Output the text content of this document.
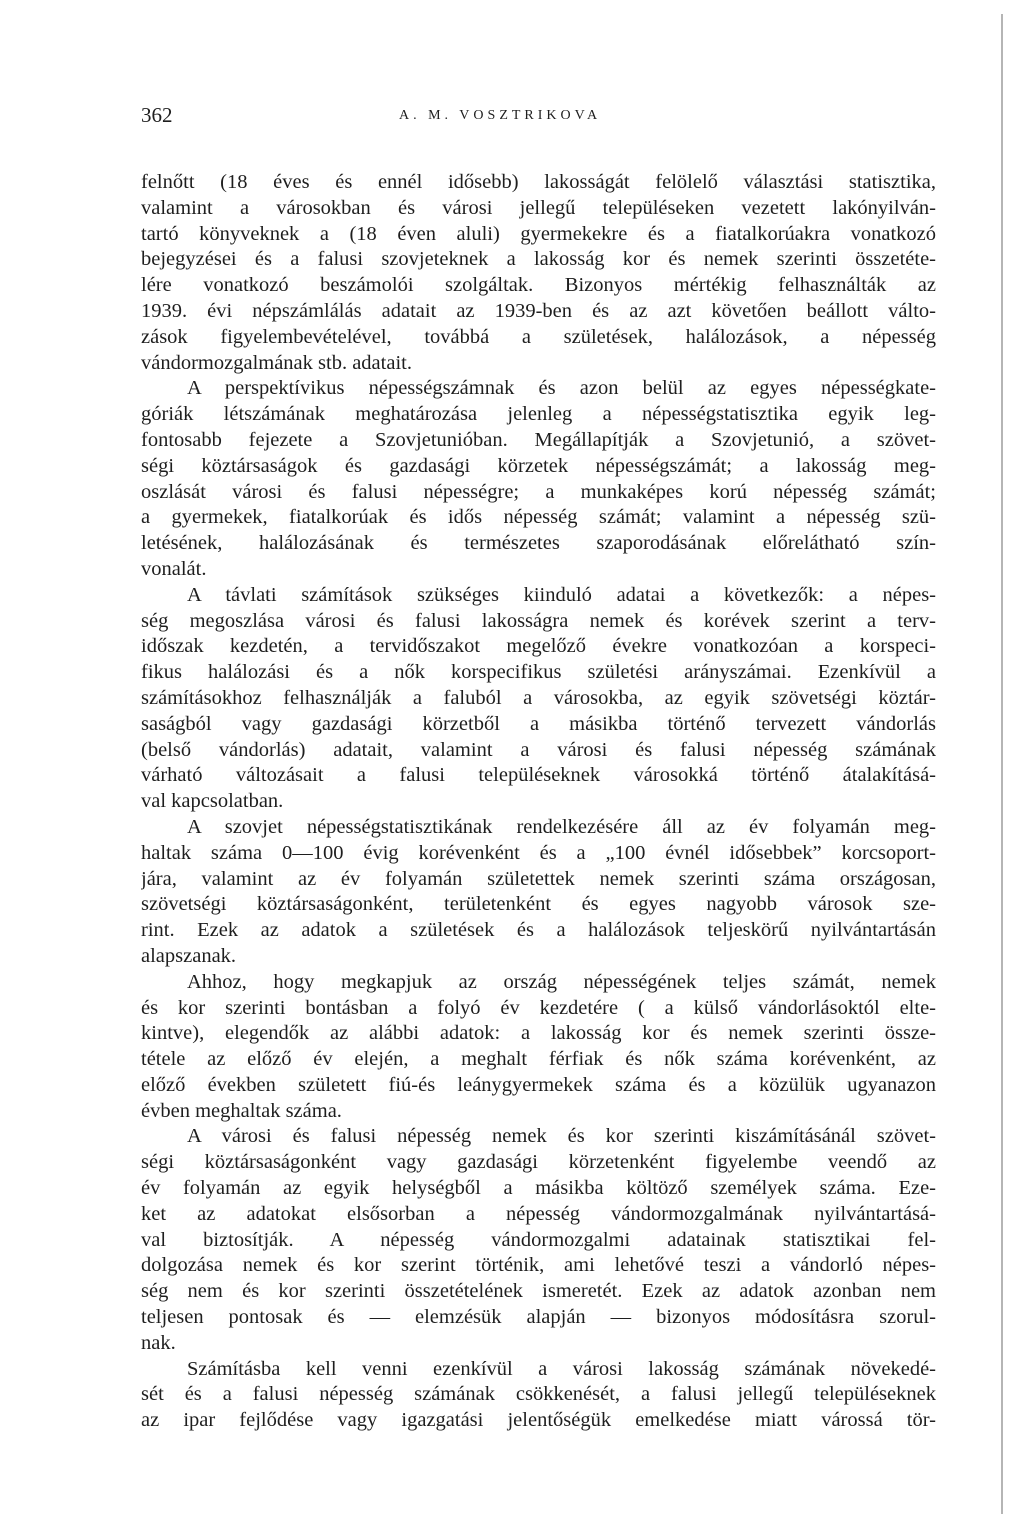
362	A. M. VOSZTRIKOVA
felnőtt (18 éves és ennél idősebb) lakosságát felölelő választási statisztika,
valamint a városokban és városi jellegű településeken vezetett lakónyilván-
tartó könyveknek a (18 éven aluli) gyermekekre és a fiatalkorúakra vonatkozó
bejegyzései és a falusi szovjeteknek a lakosság kor és nemek szerinti összetéte-
lére vonatkozó beszámolói szolgáltak. Bizonyos mértékig felhasználták az
1939. évi népszámlálás adatait az 1939-ben és az azt követően beállott válto-
zások figyelembevételével, továbbá a születések, halálozások, a népesség
vándormozgalmának stb. adatait.
A perspektívikus népességszámnak és azon belül az egyes népességkate-
góriák létszámának meghatározása jelenleg a népességstatisztika egyik leg-
fontosabb fejezete a Szovjetunióban. Megállapítják a Szovjetunió, a szövet-
ségi köztársaságok és gazdasági körzetek népességszámát; a lakosság meg-
oszlását városi és falusi népességre; a munkaképes korú népesség számát;
a gyermekek, fiatalkorúak és idős népesség számát; valamint a népesség szü-
letésének, halálozásának és természetes szaporodásának előrelátható szín-
vonalát.
A távlati számítások szükséges kiinduló adatai a következők: a népes-
ség megoszlása városi és falusi lakosságra nemek és korévek szerint a terv-
időszak kezdetén, a tervidőszakot megelőző évekre vonatkozóan a korspeci-
fikus halálozási és a nők korspecifikus születési arányszámai. Ezenkívül a
számításokhoz felhasználják a faluból a városokba, az egyik szövetségi köztár-
saságból vagy gazdasági körzetből a másikba történő tervezett vándorlás
(belső vándorlás) adatait, valamint a városi és falusi népesség számának
várható változásait a falusi településeknek városokká történő átalakításá-
val kapcsolatban.
A szovjet népességstatisztikának rendelkezésére áll az év folyamán meg-
haltak száma 0—100 évig korévenként és a „100 évnél idősebbek” korcsoport-
jára, valamint az év folyamán születettek nemek szerinti száma országosan,
szövetségi köztársaságonként, területenként és egyes nagyobb városok sze-
rint. Ezek az adatok a születések és a halálozások teljeskörű nyilvántartásán
alapszanak.
Ahhoz, hogy megkapjuk az ország népességének teljes számát, nemek
és kor szerinti bontásban a folyó év kezdetére ( a külső vándorlásoktól elte-
kintve), elegendők az alábbi adatok: a lakosság kor és nemek szerinti össze-
tétele az előző év elején, a meghalt férfiak és nők száma korévenként, az
előző években született fiú-és leánygyermekek száma és a közülük ugyanazon
évben meghaltak száma.
A városi és falusi népesség nemek és kor szerinti kiszámításánál szövet-
ségi köztársaságonként vagy gazdasági körzetenként figyelembe veendő az
év folyamán az egyik helységből a másikba költöző személyek száma. Eze-
ket az adatokat elsősorban a népesség vándormozgalmának nyilvántartásá-
val biztosítják. A népesség vándormozgalmi adatainak statisztikai fel-
dolgozása nemek és kor szerint történik, ami lehetővé teszi a vándorló népes-
ség nem és kor szerinti összetételének ismeretét. Ezek az adatok azonban nem
teljesen pontosak és — elemzésük alapján — bizonyos módosításra szorul-
nak.
Számításba kell venni ezenkívül a városi lakosság számának növekedé-
sét és a falusi népesség számának csökkenését, a falusi jellegű településeknek
az ipar fejlődése vagy igazgatási jelentőségük emelkedése miatt várossá tör-
